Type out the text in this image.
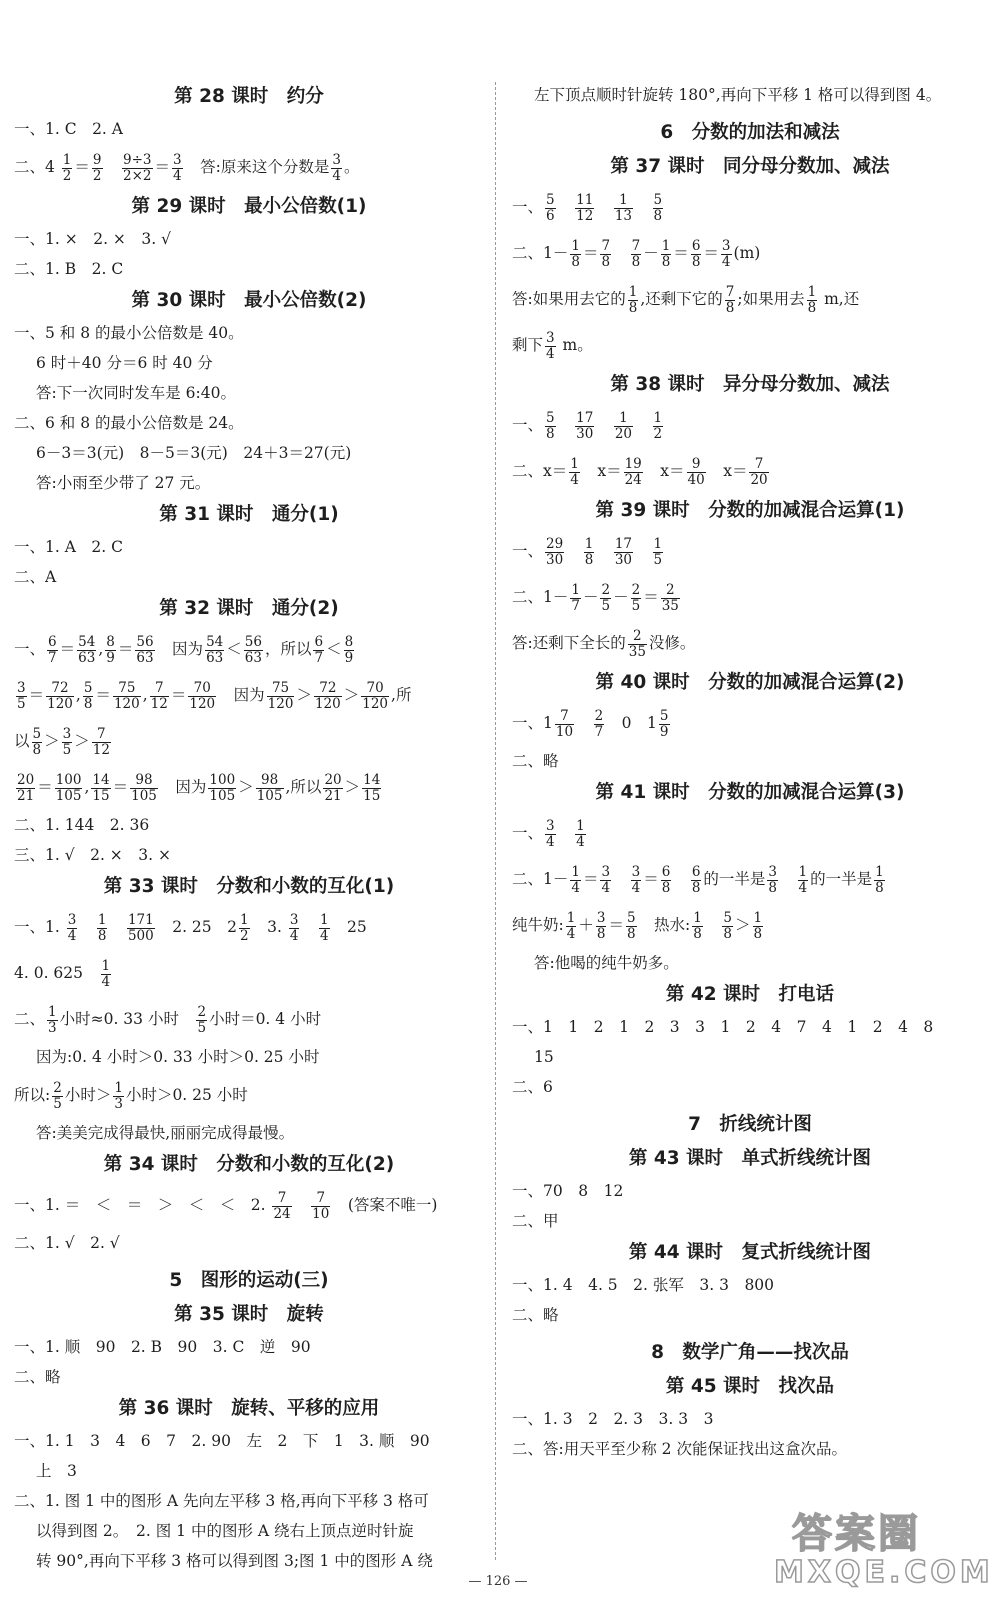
第 28 课时　约分
一、1. C　2. A
二、$4 \frac{1}{2} = \frac{9}{2}$
　 $\frac{9\div 3}{2\times 2} = \frac{3}{4}$ 　答:原来这个分数是 $\frac{3}{4}$ 。
第 29 课时　最小公倍数(1)
一、1. ×　2. ×　3. √
二、1. B　2. C
第 30 课时　最小公倍数(2)
一、5 和 8 的最小公倍数是 40。
6 时＋40 分＝6 时 40 分
答:下一次同时发车是 6:40。
二、6 和 8 的最小公倍数是 24。
6－3＝3(元)　8－5＝3(元)　24＋3＝27(元)
答:小雨至少带了 27 元。
第 31 课时　通分(1)
一、1. A　2. C
二、A
第 32 课时　通分(2)
一、 $\frac{6}{7} = \frac{54}{63}$ , $\frac{8}{9} = \frac{56}{63}$ 　因为 $\frac{54}{63} < \frac{56}{63}$ ，所以 $\frac{6}{7} < \frac{8}{9}$
$\frac{3}{5} = \frac{72}{120}$ , $\frac{5}{8} = \frac{75}{120}$ , $\frac{7}{12} = \frac{70}{120}$ 　因为 $\frac{75}{120} > \frac{72}{120} > \frac{70}{120}$ ,所
以 $\frac{5}{8} > \frac{3}{5} > \frac{7}{12}$
$\frac{20}{21} = \frac{100}{105}$ , $\frac{14}{15} = \frac{98}{105}$ 　因为 $\frac{100}{105} > \frac{98}{105}$ ,所以 $\frac{20}{21} > \frac{14}{15}$
二、1. 144　2. 36
三、1. √　2. ×　3. ×
第 33 课时　分数和小数的互化(1)
一、1. $\frac{3}{4}$
　 $\frac{1}{8}$
　 $\frac{171}{500}$ 　2. 25　$2 \frac{1}{2}$ 　3. $\frac{3}{4}$
　 $\frac{1}{4}$ 　25
4. 0. 625　 $\frac{1}{4}$
二、 $\frac{1}{3}$ 小时≈0. 33 小时　 $\frac{2}{5}$ 小时＝0. 4 小时
因为:0. 4 小时＞0. 33 小时＞0. 25 小时
所以: $\frac{2}{5}$ 小时＞ $\frac{1}{3}$ 小时＞0. 25 小时
答:美美完成得最快,丽丽完成得最慢。
第 34 课时　分数和小数的互化(2)
一、1. ＝　＜　＝　＞　＜　＜　2. $\frac{7}{24}$
　 $\frac{7}{10}$ 　(答案不唯一)
二、1. √　2. √
5　图形的运动(三)
第 35 课时　旋转
一、1. 顺　90　2. B　90　3. C　逆　90
二、略
第 36 课时　旋转、平移的应用
一、1. 1　3　4　6　7　2. 90　左　2　下　1　3. 顺　90
上　3
二、1. 图 1 中的图形 A 先向左平移 3 格,再向下平移 3 格可
以得到图 2。　2. 图 1 中的图形 A 绕右上顶点逆时针旋
转 90°,再向下平移 3 格可以得到图 3;图 1 中的图形 A 绕
左下顶点顺时针旋转 180°,再向下平移 1 格可以得到图 4。
6　分数的加法和减法
第 37 课时　同分母分数加、减法
一、 $\frac{5}{6}$
　 $\frac{11}{12}$
　 $\frac{1}{13}$
　 $\frac{5}{8}$
二、$1- \frac{1}{8} = \frac{7}{8}$
　 $\frac{7}{8} - \frac{1}{8} = \frac{6}{8} = \frac{3}{4} (m)$
答:如果用去它的 $\frac{1}{8}$ ,还剩下它的 $\frac{7}{8}$ ;如果用去 $\frac{1}{8} m$,还
剩下 $\frac{3}{4}$ m。
第 38 课时　异分母分数加、减法
一、 $\frac{5}{8}$
　 $\frac{17}{30}$
　 $\frac{1}{20}$
　 $\frac{1}{2}$
二、$x= \frac{1}{4}$ 　$x= \frac{19}{24}$ 　$x= \frac{9}{40}$ 　$x= \frac{7}{20}$
第 39 课时　分数的加减混合运算(1)
一、 $\frac{29}{30}$
　 $\frac{1}{8}$
　 $\frac{17}{30}$
　 $\frac{1}{5}$
二、$1- \frac{1}{7} - \frac{2}{5} - \frac{2}{5} = \frac{2}{35}$
答:还剩下全长的 $\frac{2}{35}$ 没修。
第 40 课时　分数的加减混合运算(2)
一、$1 \frac{7}{10}$
　 $\frac{2}{7}$ 　0　$1 \frac{5}{9}$
二、略
第 41 课时　分数的加减混合运算(3)
一、 $\frac{3}{4}$
　 $\frac{1}{4}$
二、$1- \frac{1}{4} = \frac{3}{4}$
　 $\frac{3}{4} = \frac{6}{8}$
　 $\frac{6}{8}$ 的一半是 $\frac{3}{8}$
　 $\frac{1}{4}$ 的一半是 $\frac{1}{8}$
纯牛奶: $\frac{1}{4} + \frac{3}{8} = \frac{5}{8}$ 　热水: $\frac{1}{8}$
　 $\frac{5}{8} > \frac{1}{8}$
答:他喝的纯牛奶多。
第 42 课时　打电话
一、1　1　2　1　2　3　3　1　2　4　7　4　1　2　4　8
15
二、6
7　折线统计图
第 43 课时　单式折线统计图
一、70　8　12
二、甲
第 44 课时　复式折线统计图
一、1. 4　4. 5　2. 张军　3. 3　800
二、略
8　数学广角——找次品
第 45 课时　找次品
一、1. 3　2　2. 3　3. 3　3
二、答:用天平至少称 2 次能保证找出这盒次品。
— 126 —
答案圈
MXQE.COM
